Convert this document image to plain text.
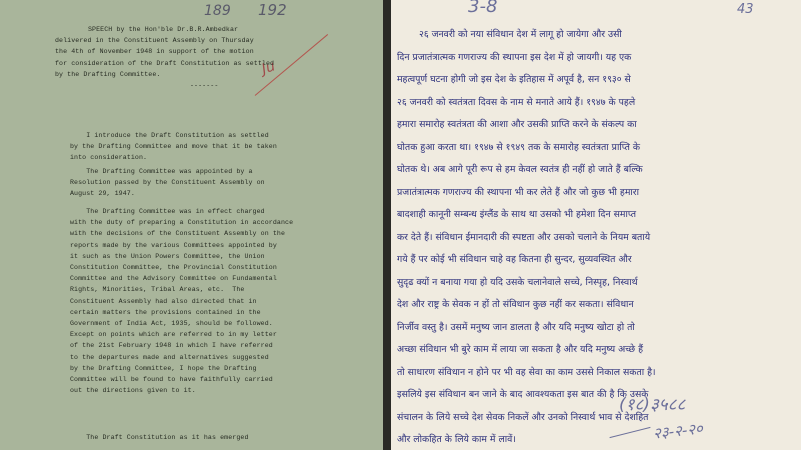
189 192
Ju
SPEECH by the Hon'ble Dr.B.R.Ambedkar
delivered in the Constituent Assembly on Thursday
the 4th of November 1948 in support of the motion
for consideration of the Draft Constitution as settled
by the Drafting Committee.
-------
I introduce the Draft Constitution as settled
by the Drafting Committee and move that it be taken
into consideration.
The Drafting Committee was appointed by a
Resolution passed by the Constituent Assembly on
August 29, 1947.
The Drafting Committee was in effect charged
with the duty of preparing a Constitution in accordance
with the decisions of the Constituent Assembly on the
reports made by the various Committees appointed by
it such as the Union Powers Committee, the Union
Constitution Committee, the Provincial Constitution
Committee and the Advisory Committee on Fundamental
Rights, Minorities, Tribal Areas, etc.  The
Constituent Assembly had also directed that in
certain matters the provisions contained in the
Government of India Act, 1935, should be followed.
Except on points which are referred to in my letter
of the 21st February 1948 in which I have referred
to the departures made and alternatives suggested
by the Drafting Committee, I hope the Drafting
Committee will be found to have faithfully carried
out the directions given to it.
The Draft Constitution as it has emerged
3-8	43
२६ जनवरी को नया संविधान देश में लागू हो जायेगा और उसी
दिन प्रजातंत्रात्मक गणराज्य की स्थापना इस देश में हो जायगी। यह एक
महत्वपूर्ण घटना होगी जो इस देश के इतिहास में अपूर्व है, सन १९३० से
२६ जनवरी को स्वतंत्रता दिवस के नाम से मनाते आये हैं। १९४७ के पहले
हमारा समारोह स्वतंत्रता की आशा और उसकी प्राप्ति करने के संकल्प का
घोतक हुआ करता था। १९४७ से १९४९ तक के समारोह स्वतंत्रता प्राप्ति के
घोतक थे। अब आगे पूरी रूप से हम केवल स्वतंत्र ही नहीं हो जाते हैं बल्कि
प्रजातंत्रात्मक गणराज्य की स्थापना भी कर लेते हैं और जो कुछ भी हमारा
बादशाही कानूनी सम्बन्ध इंग्लैंड के साथ था उसको भी हमेशा दिन समाप्त
कर देते हैं। संविधान ईमानदारी की स्पष्टता और उसको चलाने के नियम बताये
गये हैं पर कोई भी संविधान चाहे वह कितना ही सुन्दर, सुव्यवस्थित और
सुदृढ क्यों न बनाया गया हो यदि उसके चलानेवाले सच्चे, निस्पृह, निस्वार्थ
देश और राष्ट्र के सेवक न हों तो संविधान कुछ नहीं कर सकता। संविधान
निर्जीव वस्तु है। उसमें मनुष्य जान डालता है और यदि मनुष्य खोटा हो तो
अच्छा संविधान भी बुरे काम में लाया जा सकता है और यदि मनुष्य अच्छे हैं
तो साधारण संविधान न होने पर भी वह सेवा का काम उससे निकाल सकता है।
इसलिये इस संविधान बन जाने के बाद आवश्यकता इस बात की है कि उसके
संचालन के लिये सच्चे देश सेवक निकलें और उनको निस्वार्थ भाव से देशहित
और लोकहित के लिये काम में लावें।
(१८)३५८८
२३-२-२०
